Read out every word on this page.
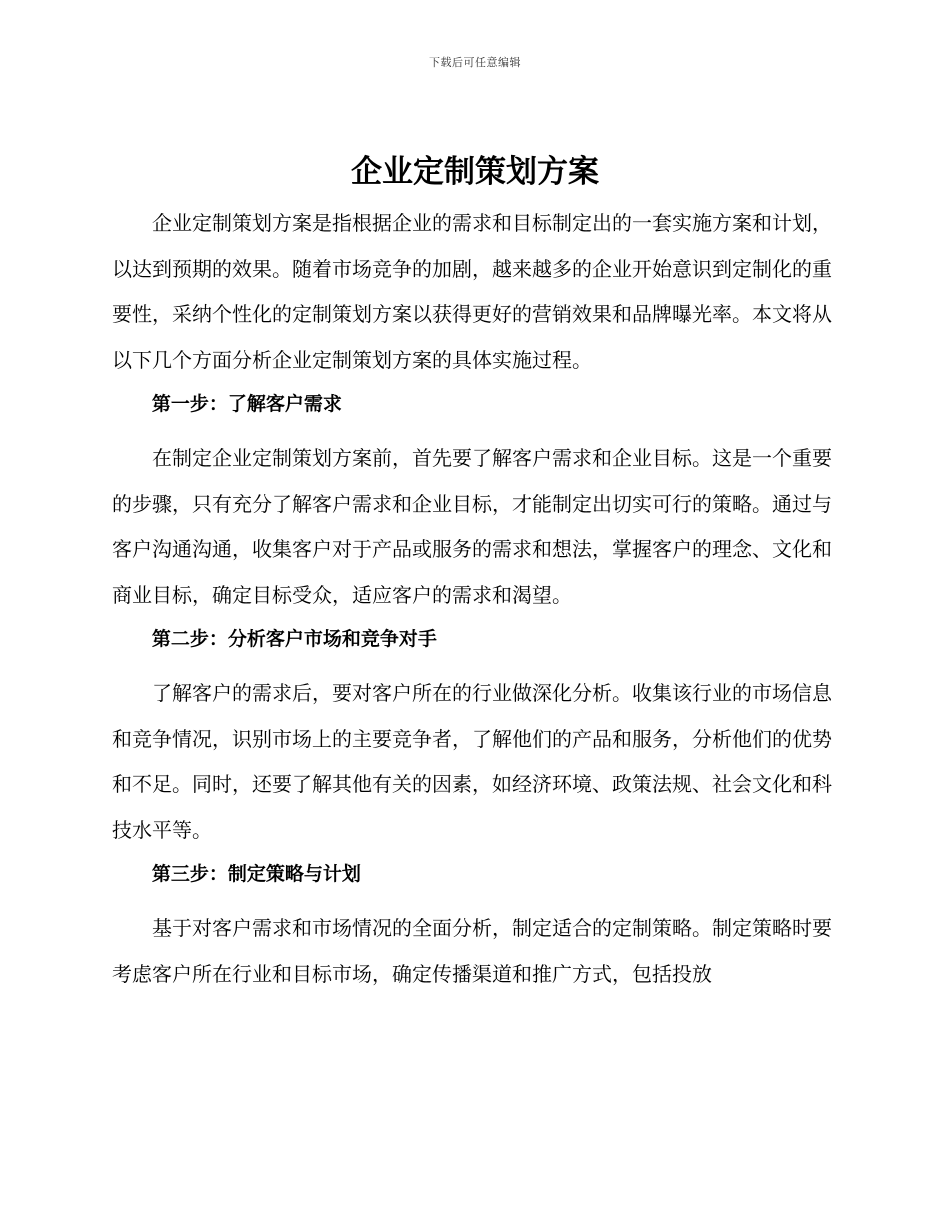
下载后可任意编辑
企业定制策划方案

企业定制策划方案是指根据企业的需求和目标制定出的一套实施方案和计划，以达到预期的效果。随着市场竞争的加剧，越来越多的企业开始意识到定制化的重要性，采纳个性化的定制策划方案以获得更好的营销效果和品牌曝光率。本文将从以下几个方面分析企业定制策划方案的具体实施过程。

第一步：了解客户需求

在制定企业定制策划方案前，首先要了解客户需求和企业目标。这是一个重要的步骤，只有充分了解客户需求和企业目标，才能制定出切实可行的策略。通过与客户沟通沟通，收集客户对于产品或服务的需求和想法，掌握客户的理念、文化和商业目标，确定目标受众，适应客户的需求和渴望。

第二步：分析客户市场和竞争对手

了解客户的需求后，要对客户所在的行业做深化分析。收集该行业的市场信息和竞争情况，识别市场上的主要竞争者，了解他们的产品和服务，分析他们的优势和不足。同时，还要了解其他有关的因素，如经济环境、政策法规、社会文化和科技水平等。

第三步：制定策略与计划

基于对客户需求和市场情况的全面分析，制定适合的定制策略。制定策略时要考虑客户所在行业和目标市场，确定传播渠道和推广方式，包括投放
